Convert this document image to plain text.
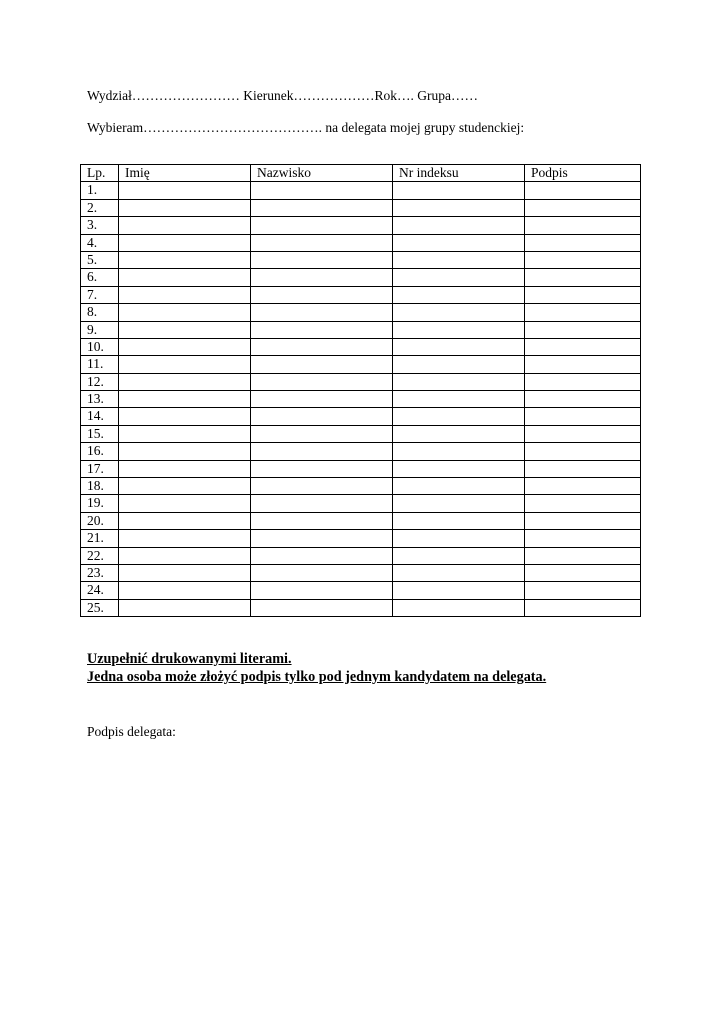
Wydział…………………… Kierunek………………Rok…. Grupa……
Wybieram…………………………………. na delegata mojej grupy studenckiej:
Lp.	Imię	Nazwisko	Nr indeksu	Podpis
1.				
2.				
3.				
4.				
5.				
6.				
7.				
8.				
9.				
10.				
11.				
12.				
13.				
14.				
15.				
16.				
17.				
18.				
19.				
20.				
21.				
22.				
23.				
24.				
25.				
Uzupełnić drukowanymi literami.
Jedna osoba może złożyć podpis tylko pod jednym kandydatem na delegata.
Podpis delegata:
